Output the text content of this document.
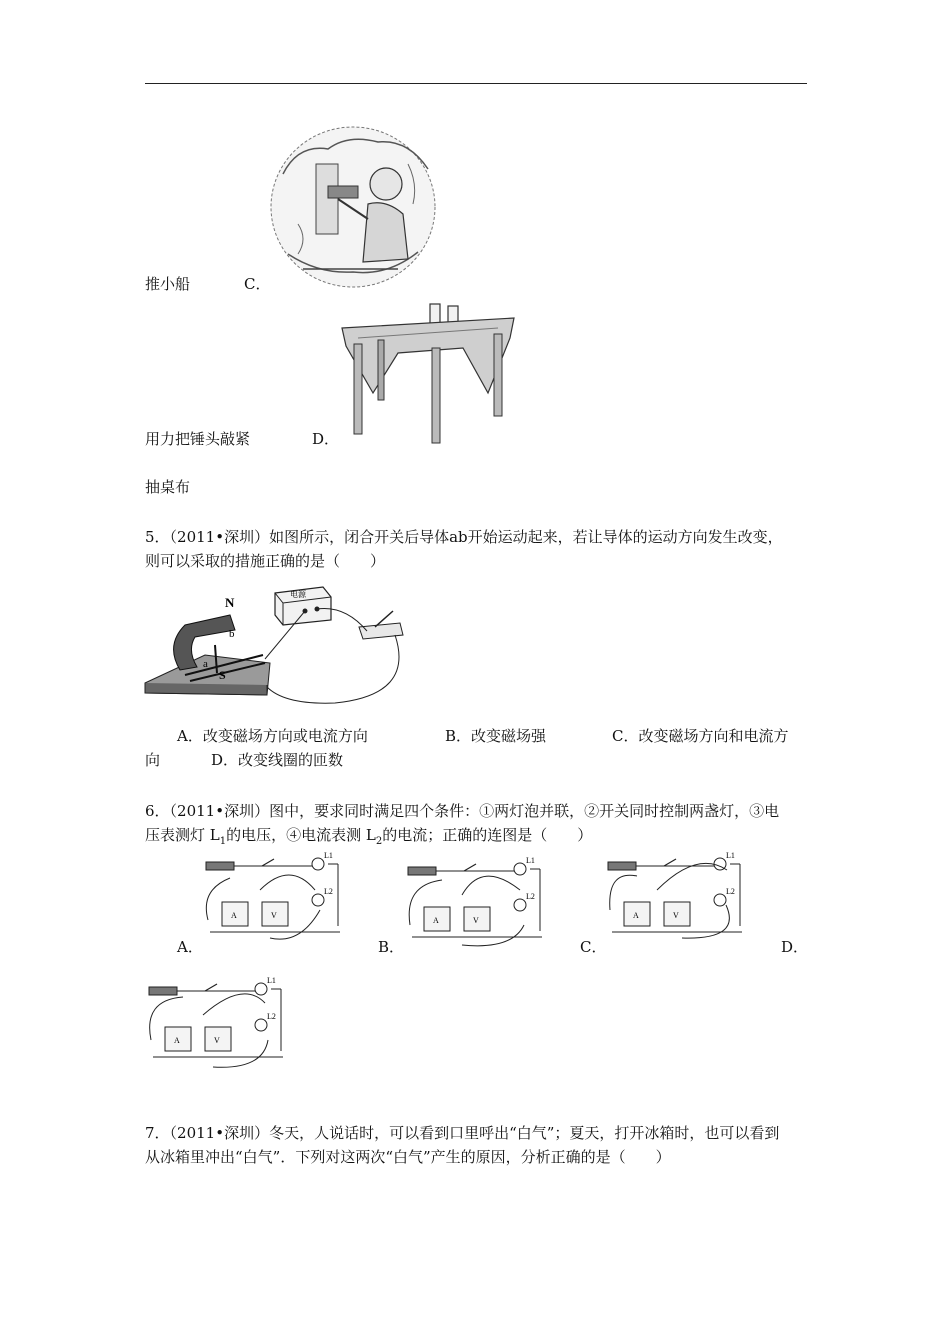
推小船	C．
用力把锤头敲紧	D．
抽桌布
5．（2011•深圳）如图所示，闭合开关后导体ab开始运动起来，若让导体的运动方向发生改变，
则可以采取的措施正确的是（　　）
N
S
a
b
电源
A．改变磁场方向或电流方向	B．改变磁场强	C．改变磁场方向和电流方
向	D．改变线圈的匝数
6．（2011•深圳）图中，要求同时满足四个条件：①两灯泡并联，②开关同时控制两盏灯，③电
压表测灯 $L_1$的电压，④电流表测 $L_2$的电流；正确的连图是（　　）
A	V
L1
L2
A	V
L1
L2
A	V
L1
L2
A	V
L1
L2
A．	B．	C．	D．
7．（2011•深圳）冬天，人说话时，可以看到口里呼出“白气”；夏天，打开冰箱时，也可以看到
从冰箱里冲出“白气”．下列对这两次“白气”产生的原因，分析正确的是（　　）
